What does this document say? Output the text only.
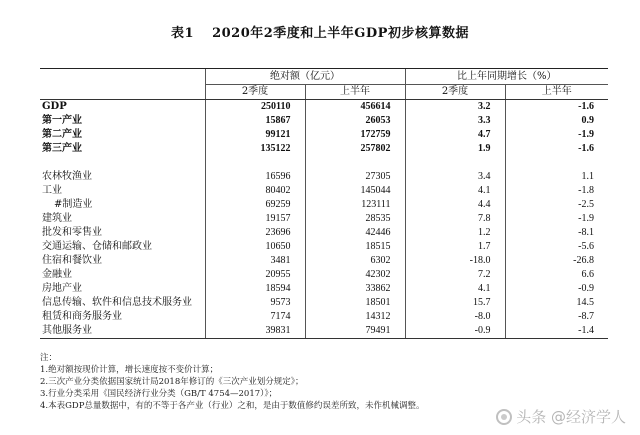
表1 2020年2季度和上半年GDP初步核算数据
	绝对额（亿元）		比上年同期增长（%）	
	2季度	上半年	2季度	上半年
GDP	250110	456614	3.2	-1.6
第一产业	15867	26053	3.3	0.9
第二产业	99121	172759	4.7	-1.9
第三产业	135122	257802	1.9	-1.6

农林牧渔业	16596	27305	3.4	1.1
工业	80402	145044	4.1	-1.8
#制造业	69259	123111	4.4	-2.5
建筑业	19157	28535	7.8	-1.9
批发和零售业	23696	42446	1.2	-8.1
交通运输、仓储和邮政业	10650	18515	1.7	-5.6
住宿和餐饮业	3481	6302	-18.0	-26.8
金融业	20955	42302	7.2	6.6
房地产业	18594	33862	4.1	-0.9
信息传输、软件和信息技术服务业	9573	18501	15.7	14.5
租赁和商务服务业	7174	14312	-8.0	-8.7
其他服务业	39831	79491	-0.9	-1.4
注：
1.绝对额按现价计算，增长速度按不变价计算；
2.三次产业分类依据国家统计局2018年修订的《三次产业划分规定》；
3.行业分类采用《国民经济行业分类（GB/T 4754—2017）》；
4.本表GDP总量数据中，有的不等于各产业（行业）之和，是由于数值修约误差所致，未作机械调整。
头条 @经济学人
